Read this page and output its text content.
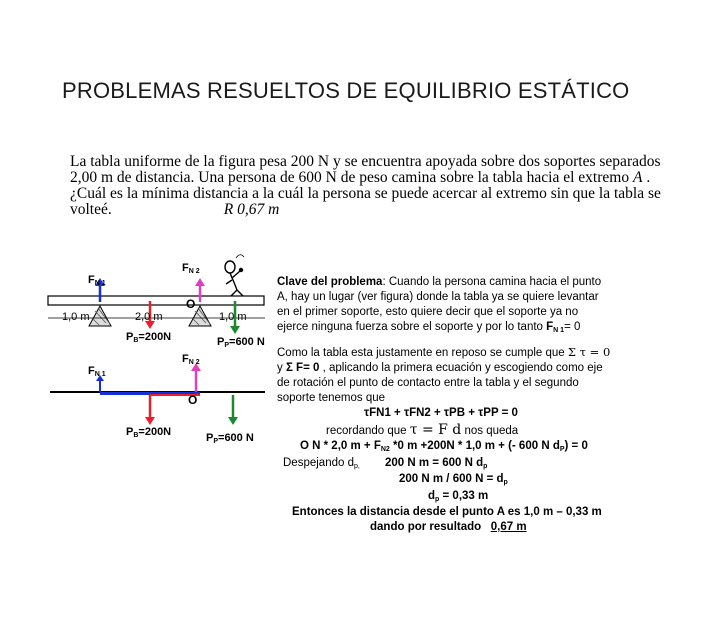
PROBLEMAS RESUELTOS DE EQUILIBRIO ESTÁTICO
La tabla uniforme de la figura pesa 200 N y se encuentra apoyada sobre dos soportes separados 2,00 m de distancia. Una persona de 600 N de peso camina sobre la tabla hacia el extremo A . ¿Cuál es la mínima distancia a la cuál la persona se puede acercar al extremo sin que la tabla se volteé.	R 0,67 m
$F_{N 1}$
$F_{N 2}$
O
1,0 m	2,0 m	1,0 m
$P_B=200N$	$P_P=600$ N
$F_{N 1}$
$F_{N 2}$
O
$P_B=200N$	$P_P=600$ N
Clave del problema: Cuando la persona camina hacia el punto
A, hay un lugar (ver figura) donde la tabla ya se quiere levantar
en el primer soporte, esto quiere decir que el soporte ya no
ejerce ninguna fuerza sobre el soporte y por lo tanto $F_{N 1}= 0$
Como la tabla esta justamente en reposo se cumple que Σ τ = 0
y Σ F= 0 , aplicando la primera ecuación y escogiendo como eje
de rotación el punto de contacto entre la tabla y el segundo
soporte tenemos que
τFN1 + τFN2 + τPB + τPP = 0
recordando que τ = F d nos queda
O N * 2,0 $m + F_{N2}$ *0 m +200N * 1,0 m + (- 600 N $d_P) = 0$
Despejando $d_{p,}$ 200 N m = 600 N $d_p$
200 N m / 600 $N = d_p$
$d_p = 0,33$ m
Entonces la distancia desde el punto A es 1,0 m – 0,33 m
dando por resultado 0,67 m
